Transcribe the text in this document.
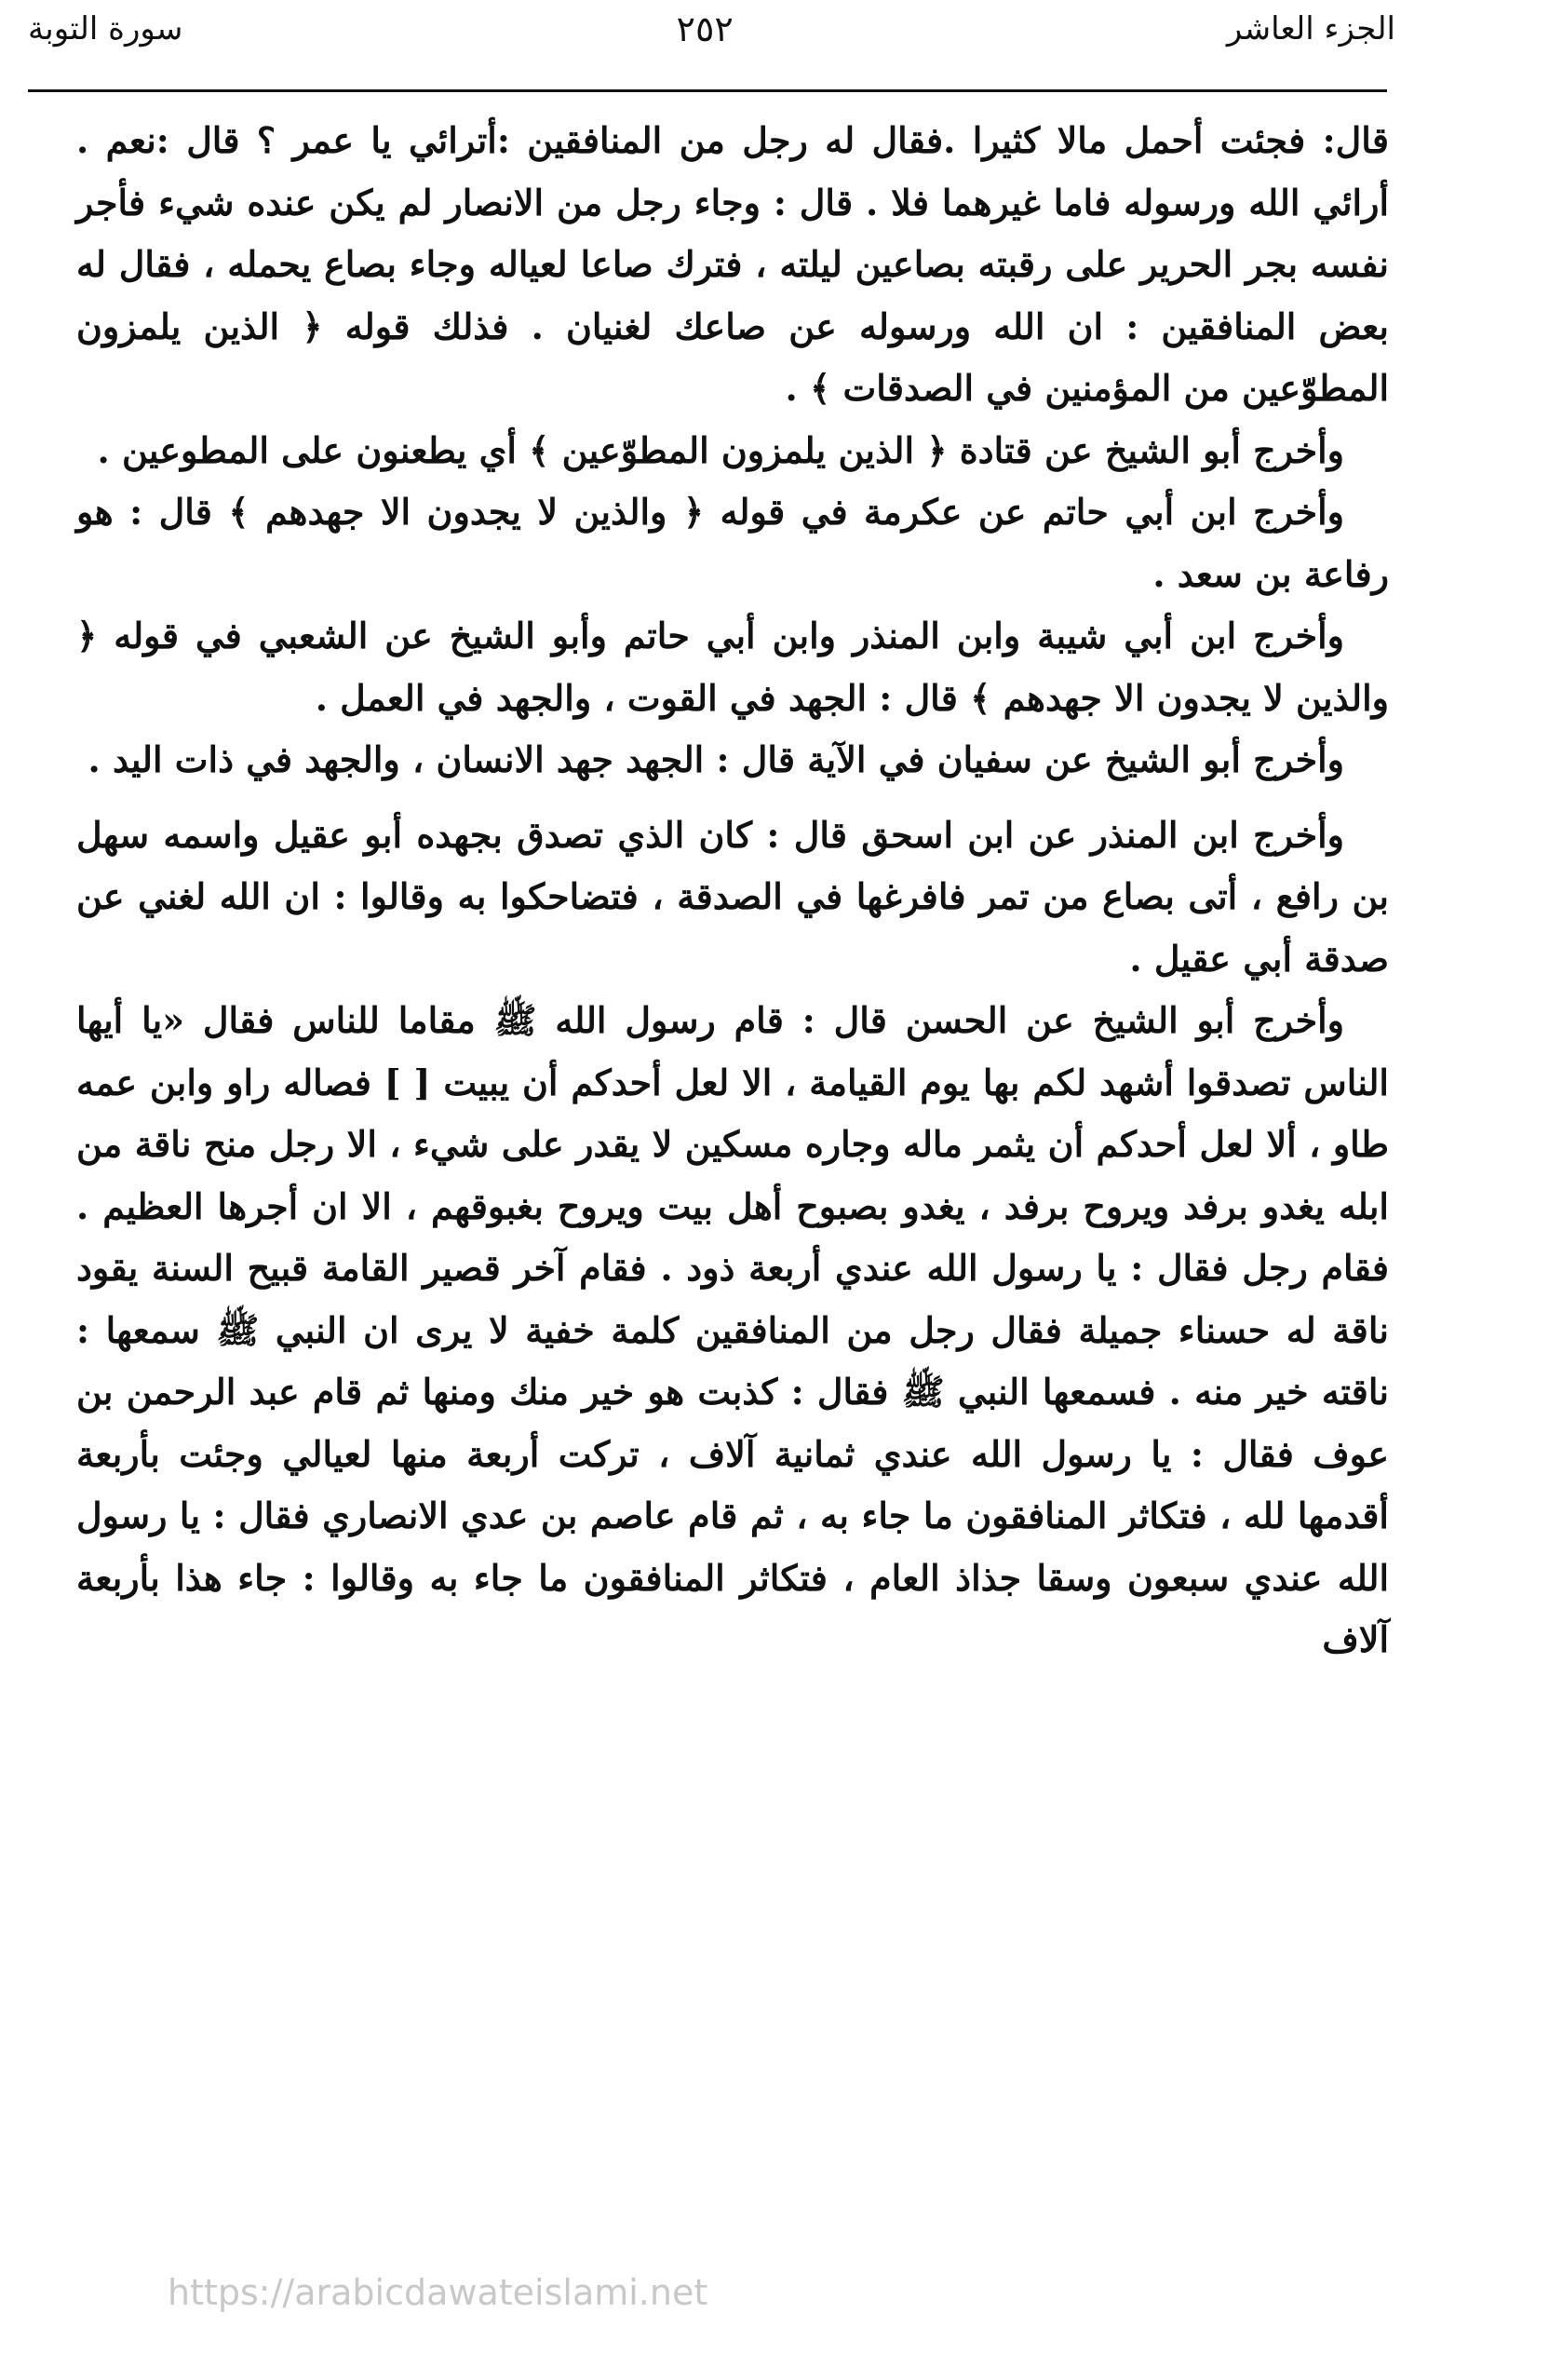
الجزء العاشر
٢٥٢
سورة التوبة

قال: فجئت أحمل مالا كثيرا .فقال له رجل من المنافقين :أترائي يا عمر ؟ قال :نعم . أرائي الله ورسوله فاما غيرهما فلا . قال : وجاء رجل من الانصار لم يكن عنده شيء فأجر نفسه بجر الحرير على رقبته بصاعين ليلته ، فترك صاعا لعياله وجاء بصاع يحمله ، فقال له بعض المنافقين : ان الله ورسوله عن صاعك لغنيان . فذلك قوله ﴿ الذين يلمزون المطوّعين من المؤمنين في الصدقات ﴾ .

وأخرج أبو الشيخ عن قتادة ﴿ الذين يلمزون المطوّعين ﴾ أي يطعنون على المطوعين .

وأخرج ابن أبي حاتم عن عكرمة في قوله ﴿ والذين لا يجدون الا جهدهم ﴾ قال : هو رفاعة بن سعد .

وأخرج ابن أبي شيبة وابن المنذر وابن أبي حاتم وأبو الشيخ عن الشعبي في قوله ﴿ والذين لا يجدون الا جهدهم ﴾ قال : الجهد في القوت ، والجهد في العمل .

وأخرج أبو الشيخ عن سفيان في الآية قال : الجهد جهد الانسان ، والجهد في ذات اليد .

وأخرج ابن المنذر عن ابن اسحق قال : كان الذي تصدق بجهده أبو عقيل واسمه سهل بن رافع ، أتى بصاع من تمر فافرغها في الصدقة ، فتضاحكوا به وقالوا : ان الله لغني عن صدقة أبي عقيل .

وأخرج أبو الشيخ عن الحسن قال : قام رسول الله ﷺ مقاما للناس فقال «يا أيها الناس تصدقوا أشهد لكم بها يوم القيامة ، الا لعل أحدكم أن يبيت [ ] فصاله راو وابن عمه طاو ، ألا لعل أحدكم أن يثمر ماله وجاره مسكين لا يقدر على شيء ، الا رجل منح ناقة من ابله يغدو برفد ويروح برفد ، يغدو بصبوح أهل بيت ويروح بغبوقهم ، الا ان أجرها العظيم . فقام رجل فقال : يا رسول الله عندي أربعة ذود . فقام آخر قصير القامة قبيح السنة يقود ناقة له حسناء جميلة فقال رجل من المنافقين كلمة خفية لا يرى ان النبي ﷺ سمعها : ناقته خير منه . فسمعها النبي ﷺ فقال : كذبت هو خير منك ومنها ثم قام عبد الرحمن بن عوف فقال : يا رسول الله عندي ثمانية آلاف ، تركت أربعة منها لعيالي وجئت بأربعة أقدمها لله ، فتكاثر المنافقون ما جاء به ، ثم قام عاصم بن عدي الانصاري فقال : يا رسول الله عندي سبعون وسقا جذاذ العام ، فتكاثر المنافقون ما جاء به وقالوا : جاء هذا بأربعة آلاف

https://arabicdawateislami.net
